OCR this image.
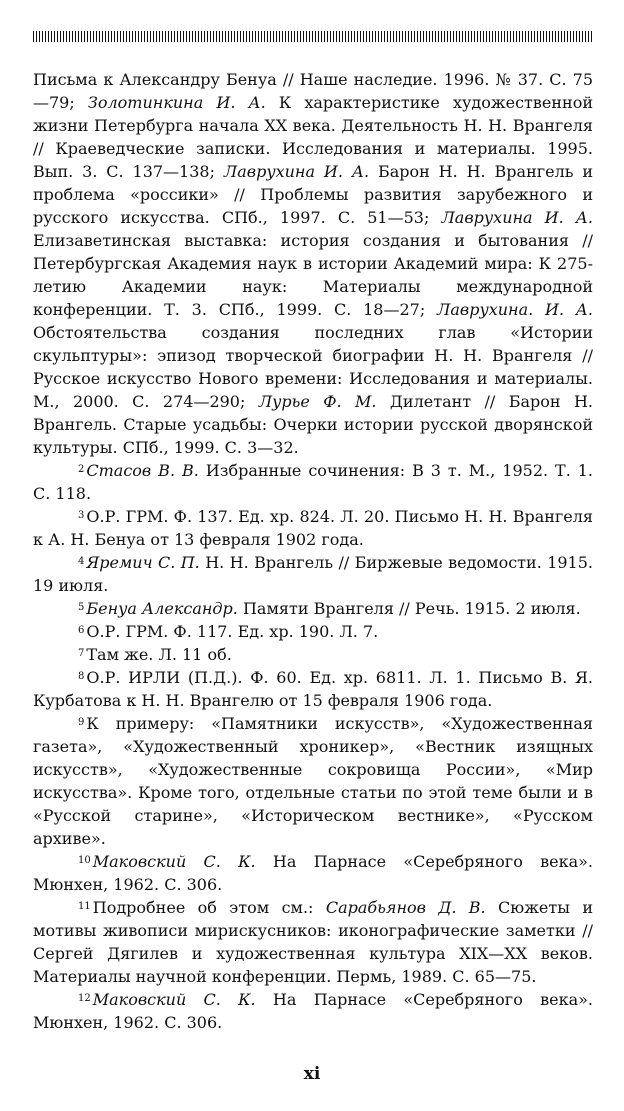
Письма к Александру Бенуа // Наше наследие. 1996. № 37. С. 75—79; Золотинкина И. А. К характеристике художественной жизни Петербурга начала XX века. Деятельность Н. Н. Врангеля // Краеведческие записки. Исследования и материалы. 1995. Вып. 3. С. 137—138; Лаврухина И. А. Барон Н. Н. Врангель и проблема «россики» // Проблемы развития зарубежного и русского искусства. СПб., 1997. С. 51—53; Лаврухина И. А. Елизаветинская выставка: история создания и бытования // Петербургская Академия наук в истории Академий мира: К 275-летию Академии наук: Материалы международной конференции. Т. 3. СПб., 1999. С. 18—27; Лаврухина. И. А. Обстоятельства создания последних глав «Истории скульптуры»: эпизод творческой биографии Н. Н. Врангеля // Русское искусство Нового времени: Исследования и материалы. М., 2000. С. 274—290; Лурье Ф. М. Дилетант // Барон Н. Врангель. Старые усадьбы: Очерки истории русской дворянской культуры. СПб., 1999. С. 3—32.

$^2$ Стасов В. В. Избранные сочинения: В 3 т. М., 1952. Т. 1. С. 118.

$^3$ О.Р. ГРМ. Ф. 137. Ед. хр. 824. Л. 20. Письмо Н. Н. Врангеля к А. Н. Бенуа от 13 февраля 1902 года.

$^4$ Яремич С. П. Н. Н. Врангель // Биржевые ведомости. 1915. 19 июля.

$^5$ Бенуа Александр. Памяти Врангеля // Речь. 1915. 2 июля.

$^6$ О.Р. ГРМ. Ф. 117. Ед. хр. 190. Л. 7.

$^7$ Там же. Л. 11 об.

$^8$ О.Р. ИРЛИ (П.Д.). Ф. 60. Ед. хр. 6811. Л. 1. Письмо В. Я. Курбатова к Н. Н. Врангелю от 15 февраля 1906 года.

$^9$ К примеру: «Памятники искусств», «Художественная газета», «Художественный хроникер», «Вестник изящных искусств», «Художественные сокровища России», «Мир искусства». Кроме того, отдельные статьи по этой теме были и в «Русской старине», «Историческом вестнике», «Русском архиве».

$^{10}$ Маковский С. К. На Парнасе «Серебряного века». Мюнхен, 1962. С. 306.

$^{11}$ Подробнее об этом см.: Сарабьянов Д. В. Сюжеты и мотивы живописи мирискусников: иконографические заметки // Сергей Дягилев и художественная культура XIX—XX веков. Материалы научной конференции. Пермь, 1989. С. 65—75.

$^{12}$ Маковский С. К. На Парнасе «Серебряного века». Мюнхен, 1962. С. 306.

xi
